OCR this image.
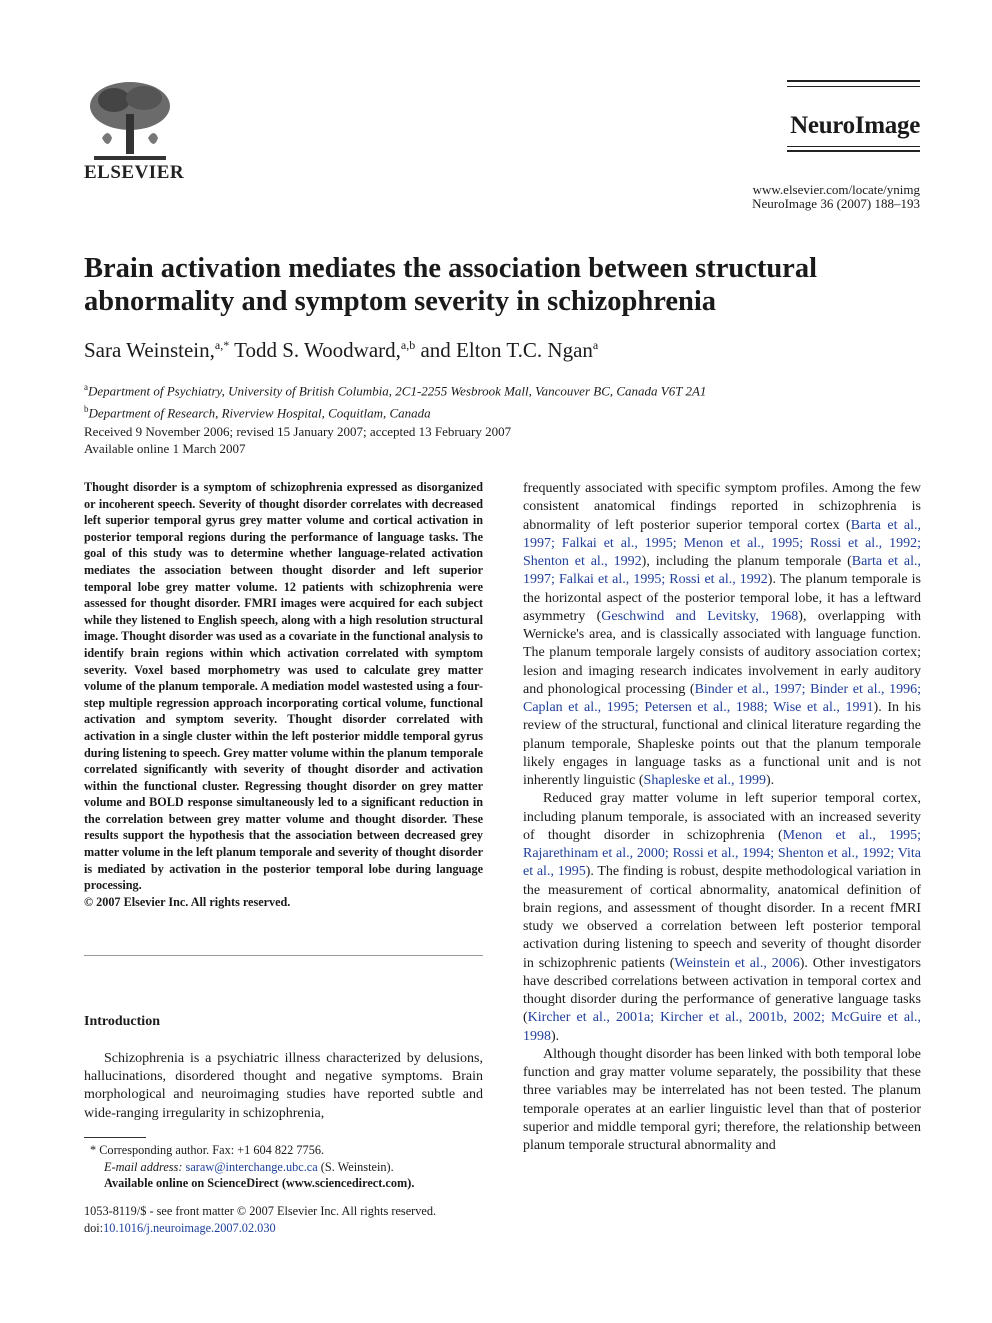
ELSEVIER
NeuroImage
www.elsevier.com/locate/ynimg
NeuroImage 36 (2007) 188–193
Brain activation mediates the association between structural abnormality and symptom severity in schizophrenia
Sara Weinstein,$^{a,*}$ Todd S. Woodward,$^{a,b}$ and Elton T.C. Ngan$^a$
$^a$Department of Psychiatry, University of British Columbia, 2C1-2255 Wesbrook Mall, Vancouver BC, Canada V6T 2A1
$^b$Department of Research, Riverview Hospital, Coquitlam, Canada
Received 9 November 2006; revised 15 January 2007; accepted 13 February 2007
Available online 1 March 2007
Thought disorder is a symptom of schizophrenia expressed as disorganized or incoherent speech. Severity of thought disorder correlates with decreased left superior temporal gyrus grey matter volume and cortical activation in posterior temporal regions during the performance of language tasks. The goal of this study was to determine whether language-related activation mediates the association between thought disorder and left superior temporal lobe grey matter volume. 12 patients with schizophrenia were assessed for thought disorder. FMRI images were acquired for each subject while they listened to English speech, along with a high resolution structural image. Thought disorder was used as a covariate in the functional analysis to identify brain regions within which activation correlated with symptom severity. Voxel based morphometry was used to calculate grey matter volume of the planum temporale. A mediation model wastested using a four-step multiple regression approach incorporating cortical volume, functional activation and symptom severity. Thought disorder correlated with activation in a single cluster within the left posterior middle temporal gyrus during listening to speech. Grey matter volume within the planum temporale correlated significantly with severity of thought disorder and activation within the functional cluster. Regressing thought disorder on grey matter volume and BOLD response simultaneously led to a significant reduction in the correlation between grey matter volume and thought disorder. These results support the hypothesis that the association between decreased grey matter volume in the left planum temporale and severity of thought disorder is mediated by activation in the posterior temporal lobe during language processing.
© 2007 Elsevier Inc. All rights reserved.
Introduction
Schizophrenia is a psychiatric illness characterized by delusions, hallucinations, disordered thought and negative symptoms. Brain morphological and neuroimaging studies have reported subtle and wide-ranging irregularity in schizophrenia,
* Corresponding author. Fax: +1 604 822 7756.
E-mail address: saraw@interchange.ubc.ca (S. Weinstein).
Available online on ScienceDirect (www.sciencedirect.com).
1053-8119/$ - see front matter © 2007 Elsevier Inc. All rights reserved.
doi:10.1016/j.neuroimage.2007.02.030

frequently associated with specific symptom profiles. Among the few consistent anatomical findings reported in schizophrenia is abnormality of left posterior superior temporal cortex (Barta et al., 1997; Falkai et al., 1995; Menon et al., 1995; Rossi et al., 1992; Shenton et al., 1992), including the planum temporale (Barta et al., 1997; Falkai et al., 1995; Rossi et al., 1992). The planum temporale is the horizontal aspect of the posterior temporal lobe, it has a leftward asymmetry (Geschwind and Levitsky, 1968), overlapping with Wernicke's area, and is classically associated with language function. The planum temporale largely consists of auditory association cortex; lesion and imaging research indicates involvement in early auditory and phonological processing (Binder et al., 1997; Binder et al., 1996; Caplan et al., 1995; Petersen et al., 1988; Wise et al., 1991). In his review of the structural, functional and clinical literature regarding the planum temporale, Shapleske points out that the planum temporale likely engages in language tasks as a functional unit and is not inherently linguistic (Shapleske et al., 1999).

Reduced gray matter volume in left superior temporal cortex, including planum temporale, is associated with an increased severity of thought disorder in schizophrenia (Menon et al., 1995; Rajarethinam et al., 2000; Rossi et al., 1994; Shenton et al., 1992; Vita et al., 1995). The finding is robust, despite methodological variation in the measurement of cortical abnormality, anatomical definition of brain regions, and assessment of thought disorder. In a recent fMRI study we observed a correlation between left posterior temporal activation during listening to speech and severity of thought disorder in schizophrenic patients (Weinstein et al., 2006). Other investigators have described correlations between activation in temporal cortex and thought disorder during the performance of generative language tasks (Kircher et al., 2001a; Kircher et al., 2001b, 2002; McGuire et al., 1998).

Although thought disorder has been linked with both temporal lobe function and gray matter volume separately, the possibility that these three variables may be interrelated has not been tested. The planum temporale operates at an earlier linguistic level than that of posterior superior and middle temporal gyri; therefore, the relationship between planum temporale structural abnormality and
